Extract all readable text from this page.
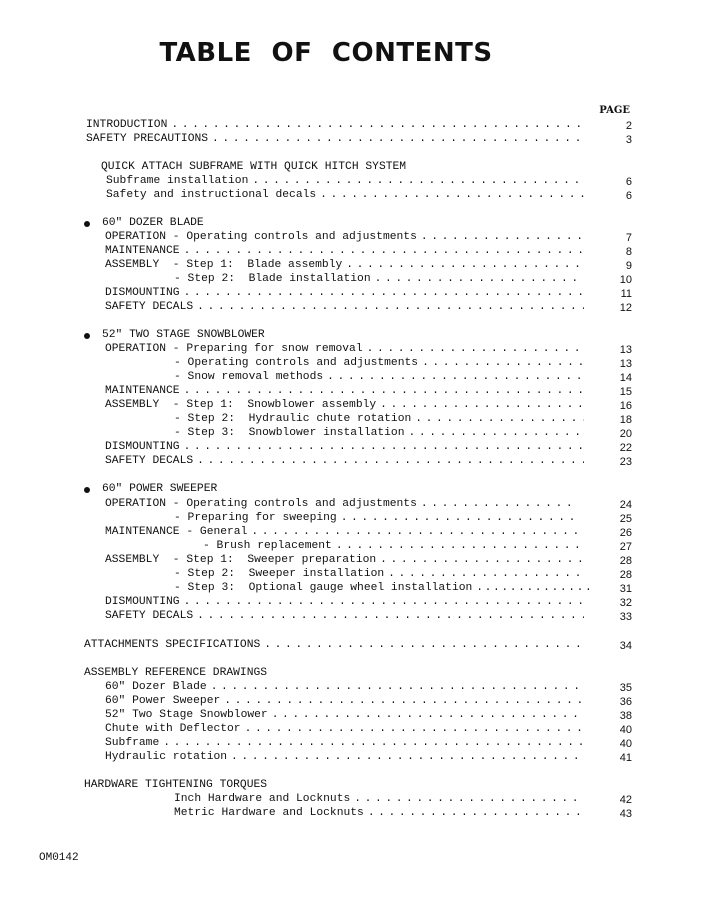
TABLE OF CONTENTS
PAGE
INTRODUCTION . . .	2
SAFETY PRECAUTIONS . . .	3
QUICK ATTACH SUBFRAME WITH QUICK HITCH SYSTEM
Subframe installation . . .	6
Safety and instructional decals . . .	6
60" DOZER BLADE
OPERATION - Operating controls and adjustments . . .	7
MAINTENANCE . . .	8
ASSEMBLY  - Step 1:  Blade assembly . . .	9
- Step 2:  Blade installation . . .	10
DISMOUNTING . . .	11
SAFETY DECALS . . .	12
52" TWO STAGE SNOWBLOWER
OPERATION - Preparing for snow removal . . .	13
- Operating controls and adjustments . . .	13
- Snow removal methods . . .	14
MAINTENANCE . . .	15
ASSEMBLY  - Step 1:  Snowblower assembly . . .	16
- Step 2:  Hydraulic chute rotation . . .	18
- Step 3:  Snowblower installation . . .	20
DISMOUNTING . . .	22
SAFETY DECALS . . .	23
60" POWER SWEEPER
OPERATION - Operating controls and adjustments . . .	24
- Preparing for sweeping . . .	25
MAINTENANCE - General . . .	26
- Brush replacement . . .	27
ASSEMBLY  - Step 1:  Sweeper preparation . . .	28
- Step 2:  Sweeper installation . . .	28
- Step 3:  Optional gauge wheel installation . . .	31
DISMOUNTING . . .	32
SAFETY DECALS . . .	33
ATTACHMENTS SPECIFICATIONS . . .	34
ASSEMBLY REFERENCE DRAWINGS
60" Dozer Blade . . .	35
60" Power Sweeper . . .	36
52" Two Stage Snowblower . . .	38
Chute with Deflector . . .	40
Subframe . . .	40
Hydraulic rotation . . .	41
HARDWARE TIGHTENING TORQUES
Inch Hardware and Locknuts . . .	42
Metric Hardware and Locknuts . . .	43
OM0142
